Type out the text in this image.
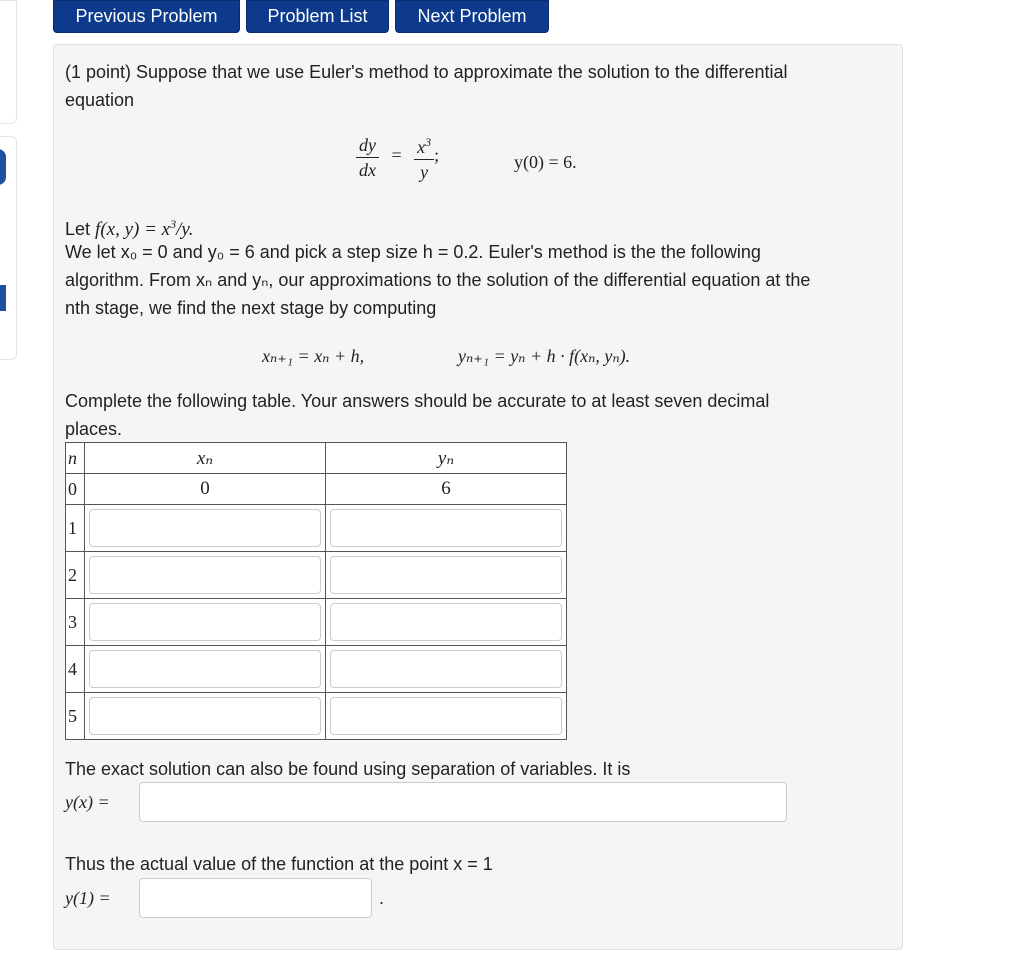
Previous Problem	Problem List	Next Problem
(1 point) Suppose that we use Euler's method to approximate the solution to the differential
equation
$\frac{dy}{dx} = \frac{x^3}{y}$ ;	y(0) = 6.
Let f(x, $y) = x^3/y$.
We let x₀ = 0 and y₀ = 6 and pick a step size h = 0.2. Euler's method is the the following
algorithm. From xₙ and yₙ, our approximations to the solution of the differential equation at the
nth stage, we find the next stage by computing
xₙ₊₁ = xₙ + h,	yₙ₊₁ = yₙ + h · f(xₙ, yₙ).
Complete the following table. Your answers should be accurate to at least seven decimal
places.
n	xₙ	yₙ
0	0	6
1	

2	

3	

4	

5	

The exact solution can also be found using separation of variables. It is
y(x) =
Thus the actual value of the function at the point x = 1
y(1) =	.
